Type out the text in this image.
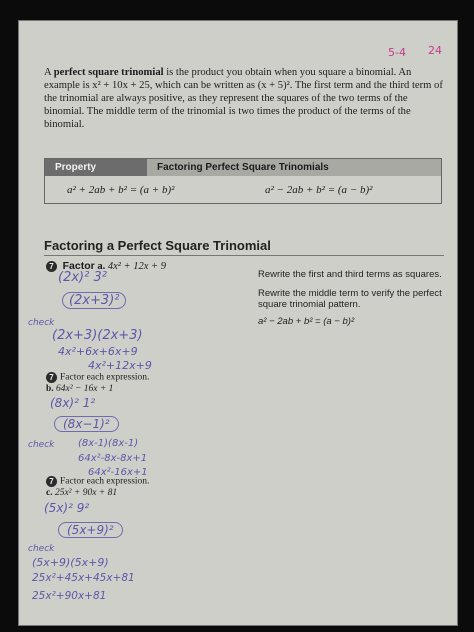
5-4 24
A perfect square trinomial is the product you obtain when you square a binomial. An example is x² + 10x + 25, which can be written as (x + 5)². The first term and the third term of the trinomial are always positive, as they represent the squares of the two terms of the binomial. The middle term of the trinomial is two times the product of the terms of the binomial.
Property	Factoring Perfect Square Trinomials
a² + 2ab + b² = (a + b)²	a² − 2ab + b² = (a − b)²
Factoring a Perfect Square Trinomial
7 Factor a. 4x² + 12x + 9
Rewrite the first and third terms as squares.
Rewrite the middle term to verify the perfect square trinomial pattern.
a² − 2ab + b² = (a − b)²
(2x)² 3²
(2x+3)²
check
(2x+3)(2x+3)
4x²+6x+6x+9
4x²+12x+9
7 Factor each expression.
b. 64x² − 16x + 1
(8x)² 1²
(8x−1)²
check (8x-1)(8x-1)
64x²-8x-8x+1
64x²-16x+1
7 Factor each expression.
c. 25x² + 90x + 81
(5x)² 9²
(5x+9)²
check
(5x+9)(5x+9)
25x²+45x+45x+81
25x²+90x+81
